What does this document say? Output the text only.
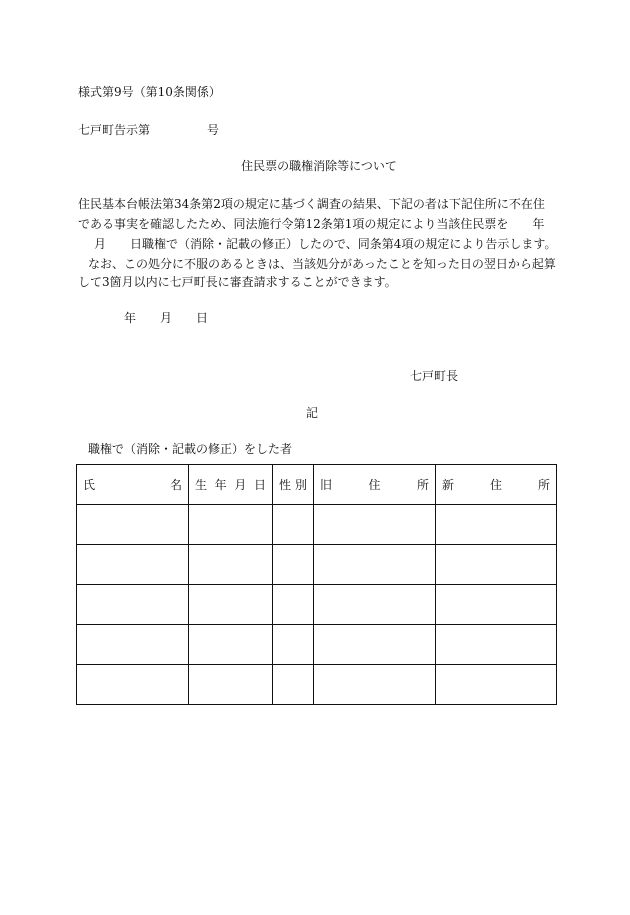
様式第9号（第10条関係）
七戸町告示第	号
住民票の職権消除等について
住民基本台帳法第34条第2項の規定に基づく調査の結果、下記の者は下記住所に不在住
である事実を確認したため、同法施行令第12条第1項の規定により当該住民票を　　年
月　　日職権で（消除・記載の修正）したので、同条第4項の規定により告示します。
なお、この処分に不服のあるときは、当該処分があったことを知った日の翌日から起算
して3箇月以内に七戸町長に審査請求することができます。
年　　月　　日
七戸町長
記
職権で（消除・記載の修正）をした者
氏 名	生 年 月 日	性 別	旧 住 所	新 住 所
